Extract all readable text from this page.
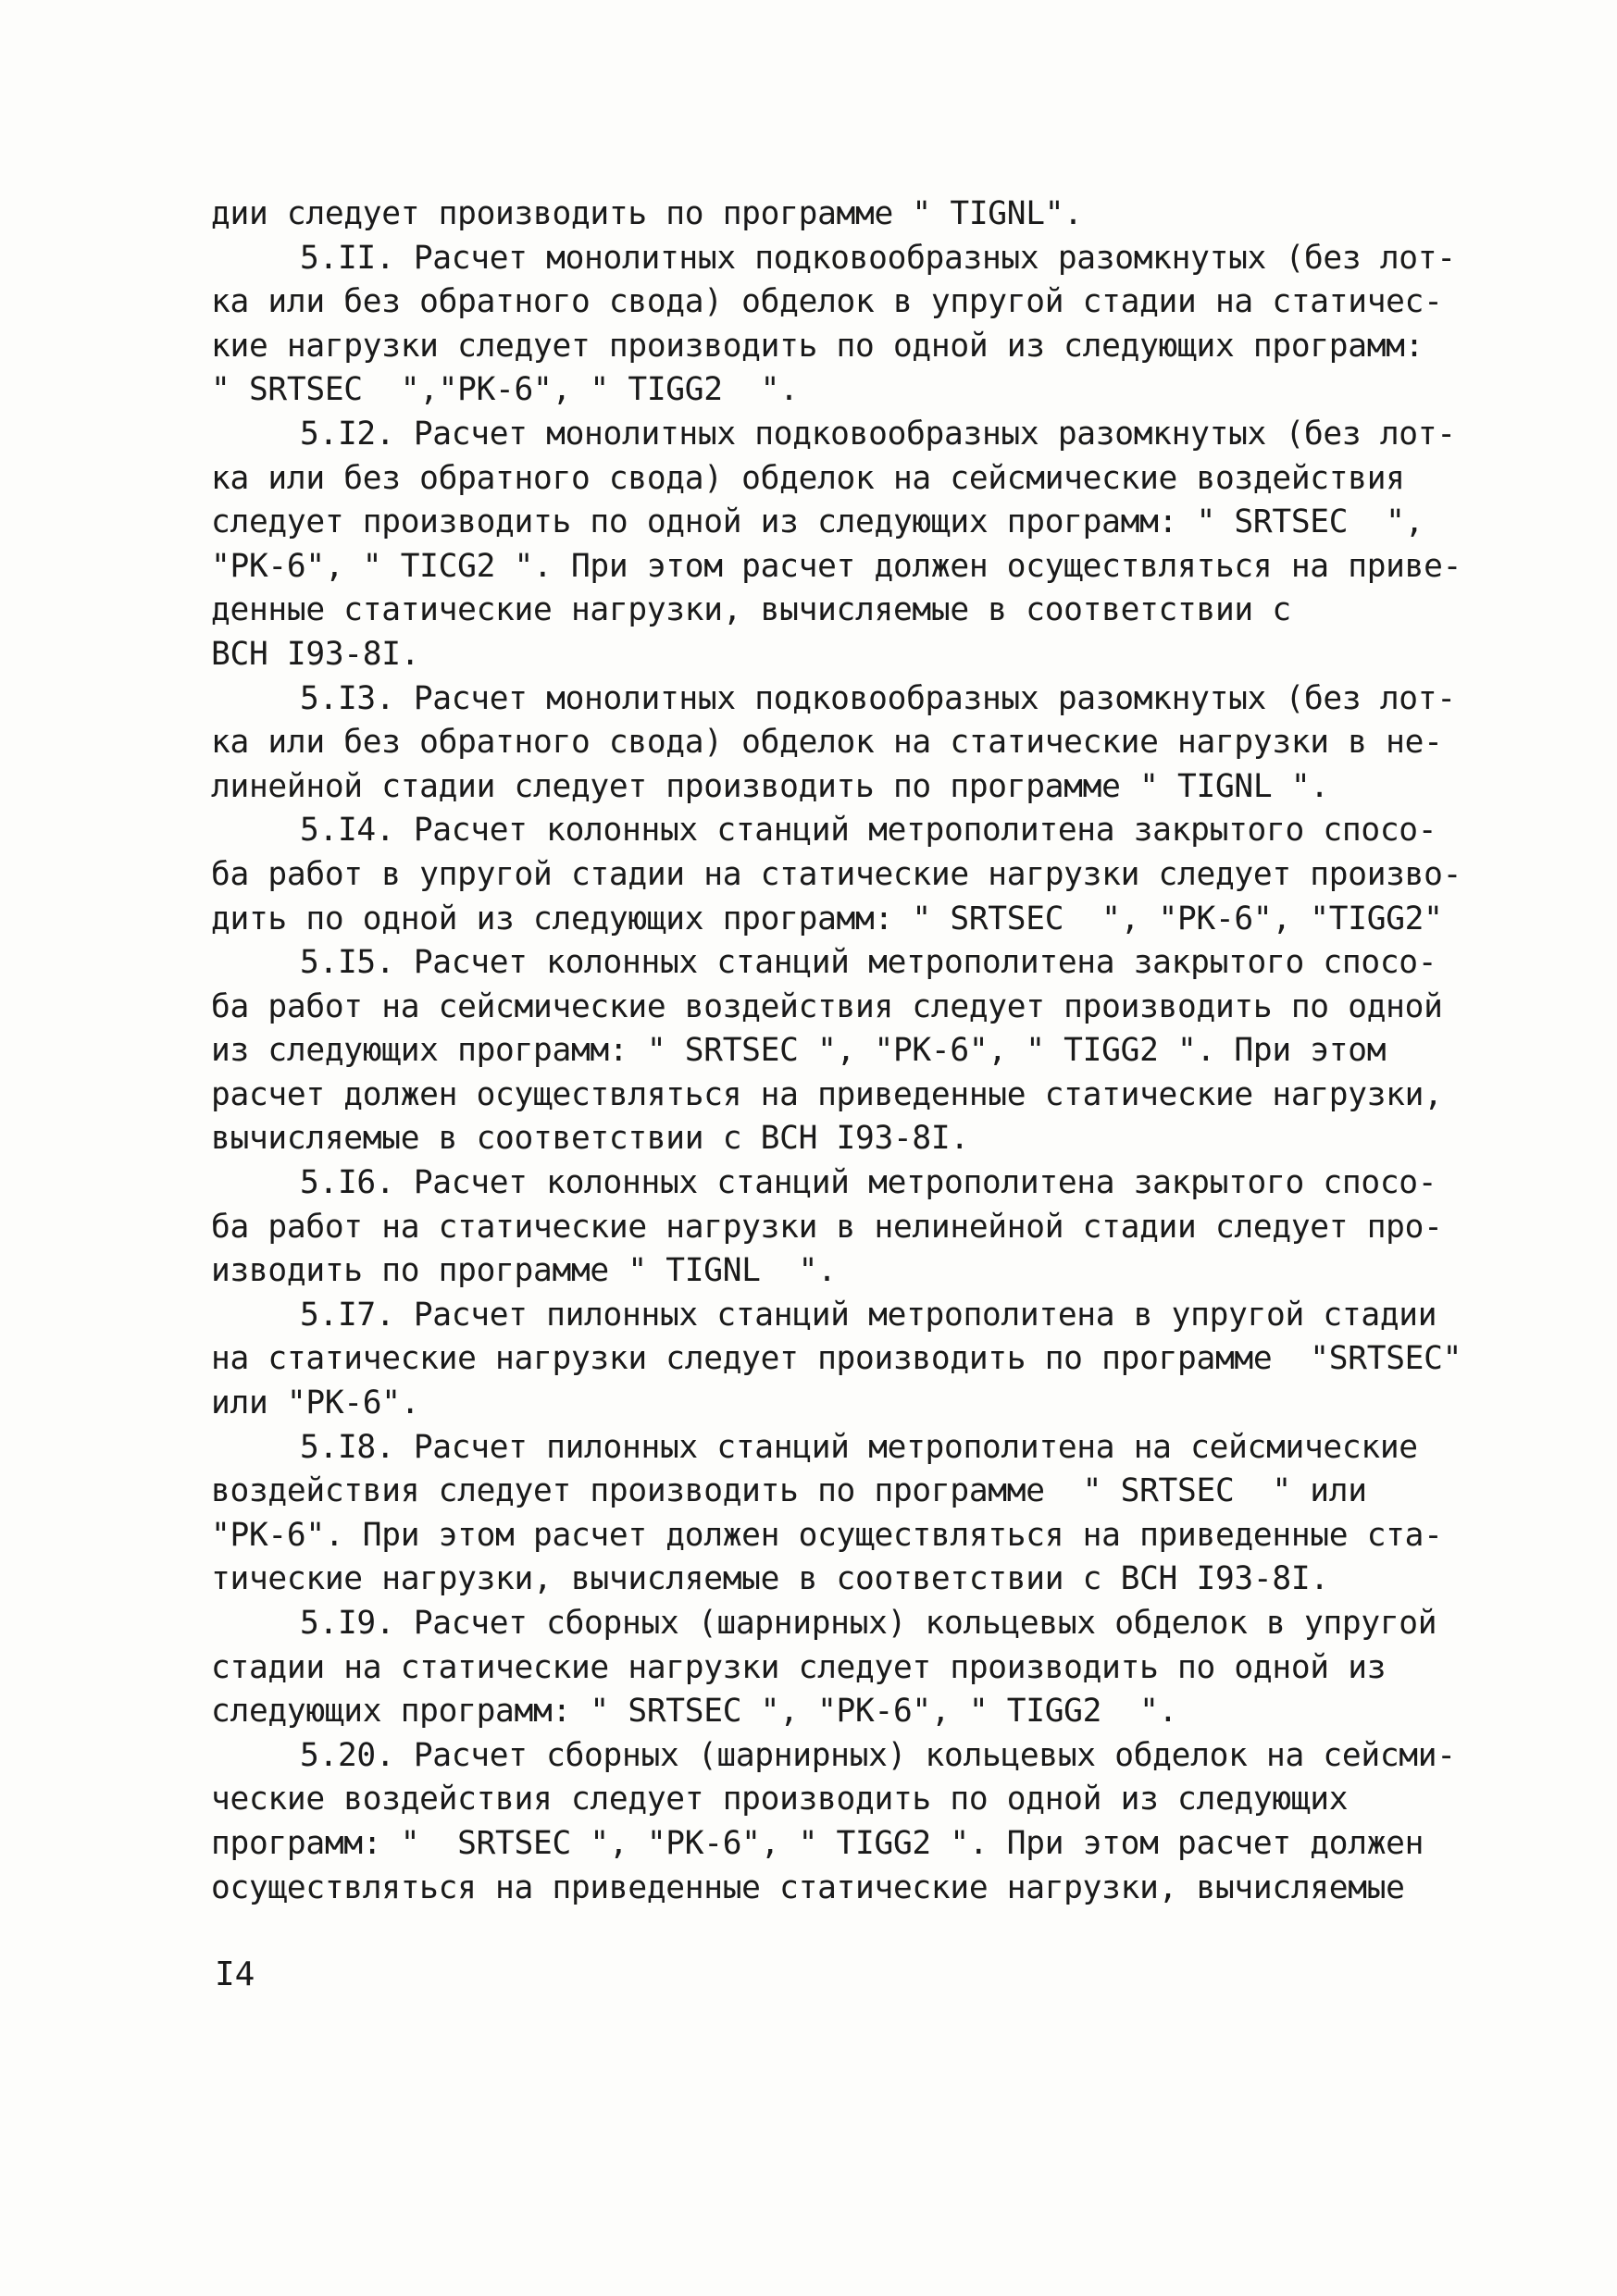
дии следует производить по программе " TIGNL".
5.II. Расчет монолитных подковообразных разомкнутых (без лот-
ка или без обратного свода) обделок в упругой стадии на статичес-
кие нагрузки следует производить по одной из следующих программ:
" SRTSEC  ","РК-6", " TIGG2  ".
5.I2. Расчет монолитных подковообразных разомкнутых (без лот-
ка или без обратного свода) обделок на сейсмические воздействия
следует производить по одной из следующих программ: " SRTSEC  ",
"РК-6", " TICG2 ". При этом расчет должен осуществляться на приве-
денные статические нагрузки, вычисляемые в соответствии с
ВСН I93-8I.
5.I3. Расчет монолитных подковообразных разомкнутых (без лот-
ка или без обратного свода) обделок на статические нагрузки в не-
линейной стадии следует производить по программе " TIGNL ".
5.I4. Расчет колонных станций метрополитена закрытого спосо-
ба работ в упругой стадии на статические нагрузки следует произво-
дить по одной из следующих программ: " SRTSEC  ", "РК-6", "TIGG2"
5.I5. Расчет колонных станций метрополитена закрытого спосо-
ба работ на сейсмические воздействия следует производить по одной
из следующих программ: " SRTSEC ", "РК-6", " TIGG2 ". При этом
расчет должен осуществляться на приведенные статические нагрузки,
вычисляемые в соответствии с ВСН I93-8I.
5.I6. Расчет колонных станций метрополитена закрытого спосо-
ба работ на статические нагрузки в нелинейной стадии следует про-
изводить по программе " TIGNL  ".
5.I7. Расчет пилонных станций метрополитена в упругой стадии
на статические нагрузки следует производить по программе  "SRTSEC"
или "РК-6".
5.I8. Расчет пилонных станций метрополитена на сейсмические
воздействия следует производить по программе  " SRTSEC  " или
"РК-6". При этом расчет должен осуществляться на приведенные ста-
тические нагрузки, вычисляемые в соответствии с ВСН I93-8I.
5.I9. Расчет сборных (шарнирных) кольцевых обделок в упругой
стадии на статические нагрузки следует производить по одной из
следующих программ: " SRTSEC ", "РК-6", " TIGG2  ".
5.20. Расчет сборных (шарнирных) кольцевых обделок на сейсми-
ческие воздействия следует производить по одной из следующих
программ: "  SRTSEC ", "РК-6", " TIGG2 ". При этом расчет должен
осуществляться на приведенные статические нагрузки, вычисляемые
I4
